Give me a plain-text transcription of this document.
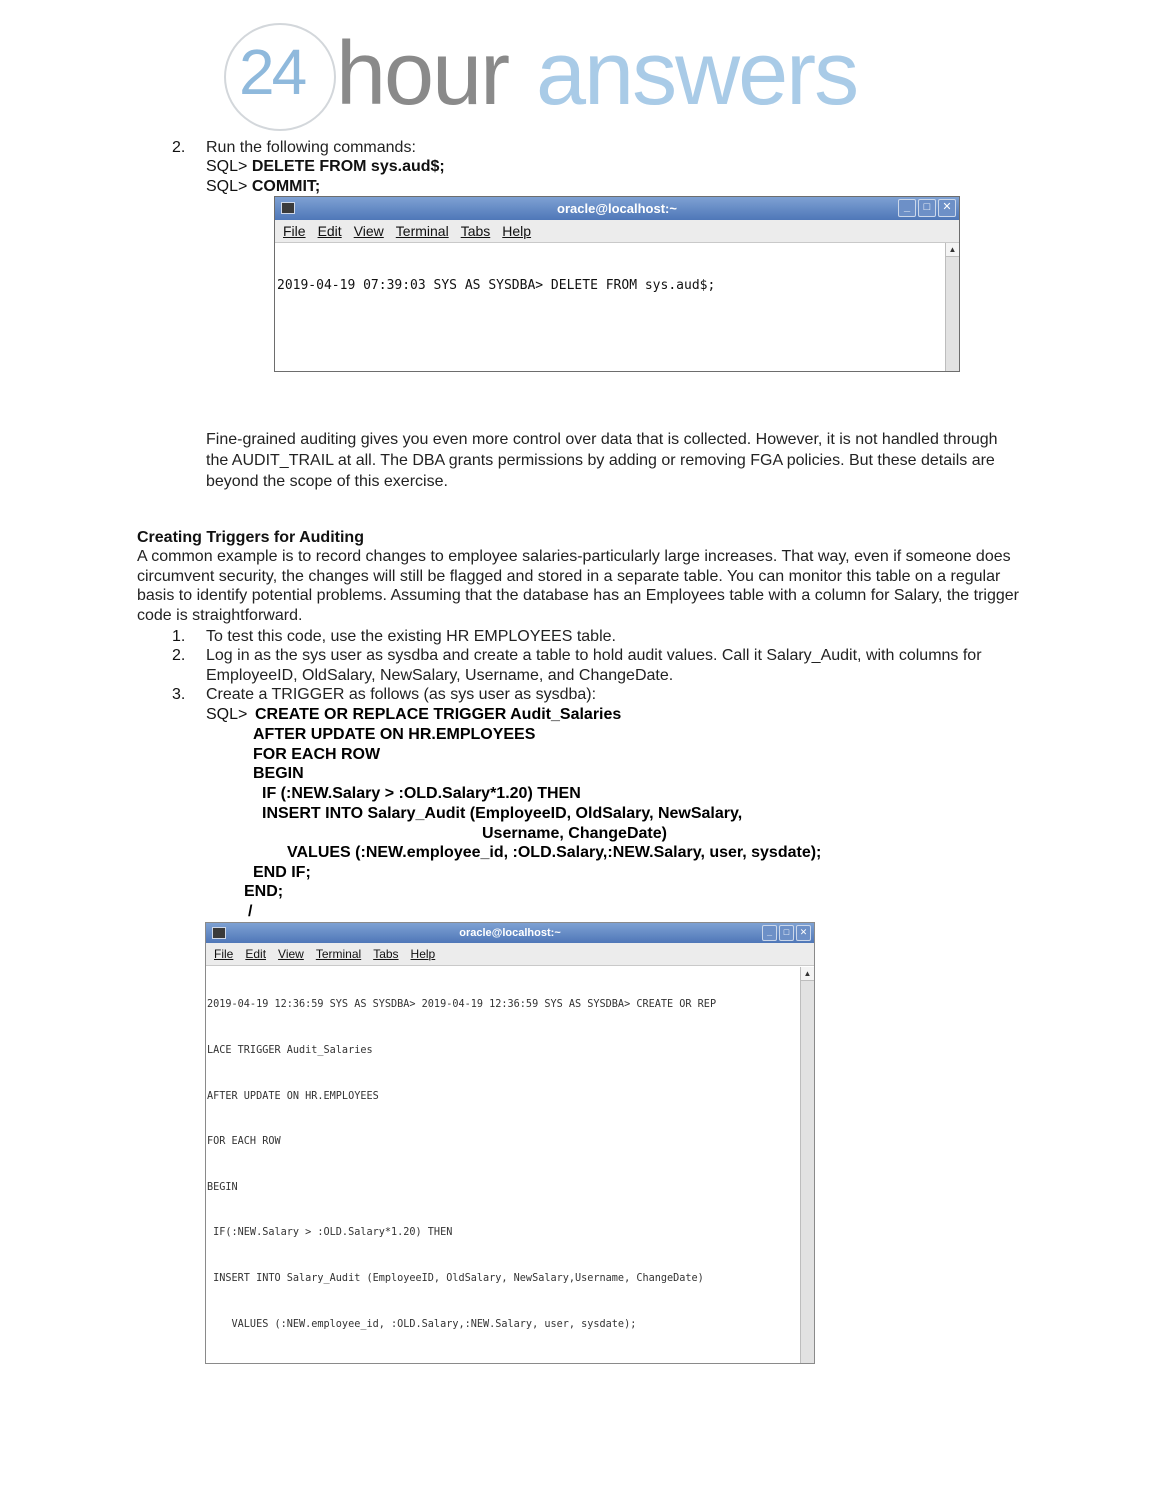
24 hour answers
2. Run the following commands:
SQL> DELETE FROM sys.aud$;
SQL> COMMIT;
oracle@localhost:~	_	□	✕
File Edit View Terminal Tabs Help

2019-04-19 07:39:03 SYS AS SYSDBA> DELETE FROM sys.aud$;

▲
Fine-grained auditing gives you even more control over data that is collected. However, it is not handled through the AUDIT_TRAIL at all. The DBA grants permissions by adding or removing FGA policies. But these details are beyond the scope of this exercise.
Creating Triggers for Auditing
A common example is to record changes to employee salaries-particularly large increases. That way, even if someone does circumvent security, the changes will still be flagged and stored in a separate table. You can monitor this table on a regular basis to identify potential problems. Assuming that the database has an Employees table with a column for Salary, the trigger code is straightforward.
1. To test this code, use the existing HR EMPLOYEES table.
2. Log in as the sys user as sysdba and create a table to hold audit values. Call it Salary_Audit, with columns for EmployeeID, OldSalary, NewSalary, Username, and ChangeDate.
3. Create a TRIGGER as follows (as sys user as sysdba):
SQL> CREATE OR REPLACE TRIGGER Audit_Salaries
AFTER UPDATE ON HR.EMPLOYEES
FOR EACH ROW
BEGIN
IF (:NEW.Salary > :OLD.Salary*1.20) THEN
INSERT INTO Salary_Audit (EmployeeID, OldSalary, NewSalary,
Username, ChangeDate)
VALUES (:NEW.employee_id, :OLD.Salary,:NEW.Salary, user, sysdate);
END IF;
END;
/
oracle@localhost:~	_	□	✕
File Edit View Terminal Tabs Help

2019-04-19 12:36:59 SYS AS SYSDBA> 2019-04-19 12:36:59 SYS AS SYSDBA> CREATE OR REP

LACE TRIGGER Audit_Salaries

AFTER UPDATE ON HR.EMPLOYEES

FOR EACH ROW

BEGIN

IF(:NEW.Salary > :OLD.Salary*1.20) THEN

INSERT INTO Salary_Audit (EmployeeID, OldSalary, NewSalary,Username, ChangeDate)

VALUES (:NEW.employee_id, :OLD.Salary,:NEW.Salary, user, sysdate);

▲
